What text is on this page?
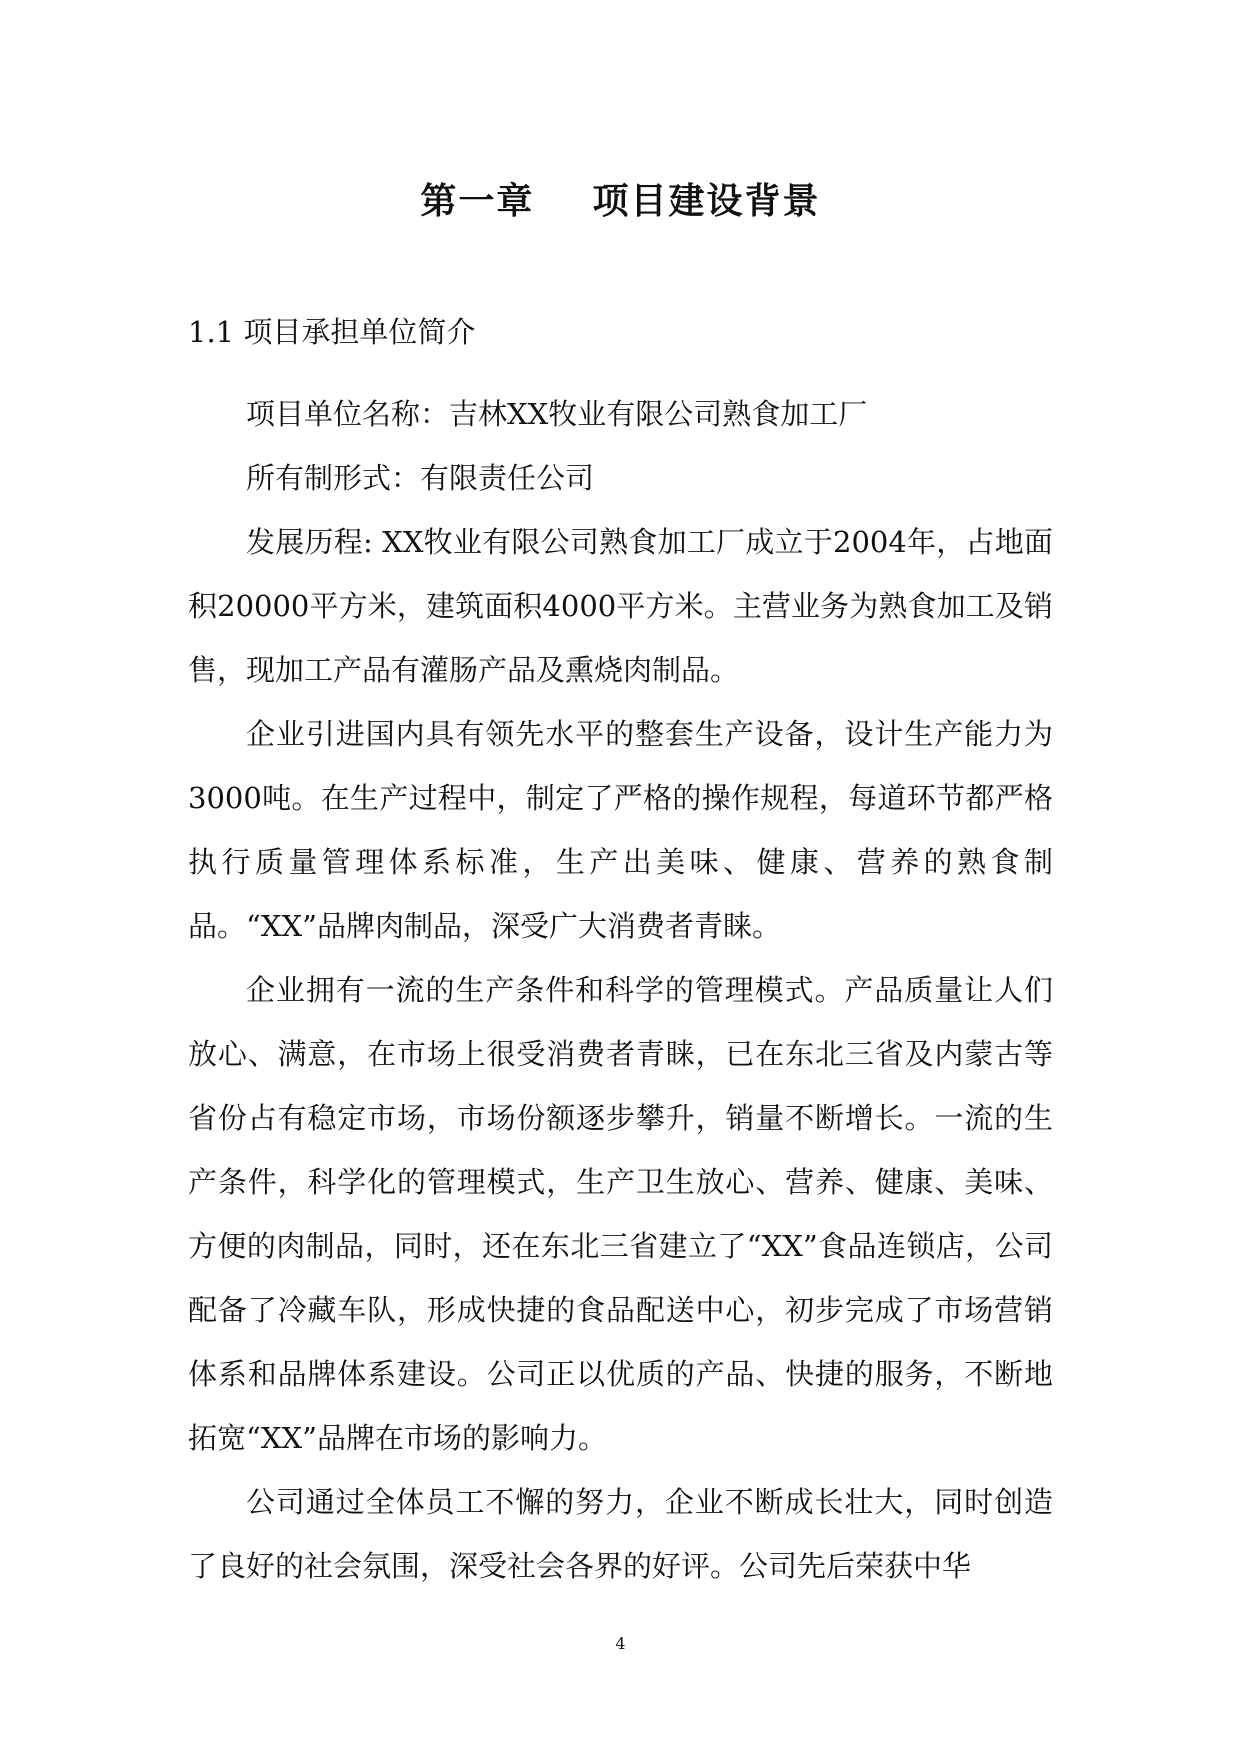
第一章    项目建设背景
1.1 项目承担单位简介

项目单位名称：吉林XX牧业有限公司熟食加工厂

所有制形式：有限责任公司

发展历程: XX牧业有限公司熟食加工厂成立于2004年，占地面积20000平方米，建筑面积4000平方米。主营业务为熟食加工及销售，现加工产品有灌肠产品及熏烧肉制品。

企业引进国内具有领先水平的整套生产设备，设计生产能力为3000吨。在生产过程中，制定了严格的操作规程，每道环节都严格执行质量管理体系标准，生产出美味、健康、营养的熟食制品。“XX”品牌肉制品，深受广大消费者青睐。

企业拥有一流的生产条件和科学的管理模式。产品质量让人们放心、满意，在市场上很受消费者青睐，已在东北三省及内蒙古等省份占有稳定市场，市场份额逐步攀升，销量不断增长。一流的生产条件，科学化的管理模式，生产卫生放心、营养、健康、美味、方便的肉制品，同时，还在东北三省建立了“XX”食品连锁店，公司配备了冷藏车队，形成快捷的食品配送中心，初步完成了市场营销体系和品牌体系建设。公司正以优质的产品、快捷的服务，不断地拓宽“XX”品牌在市场的影响力。

公司通过全体员工不懈的努力，企业不断成长壮大，同时创造了良好的社会氛围，深受社会各界的好评。公司先后荣获中华

4
